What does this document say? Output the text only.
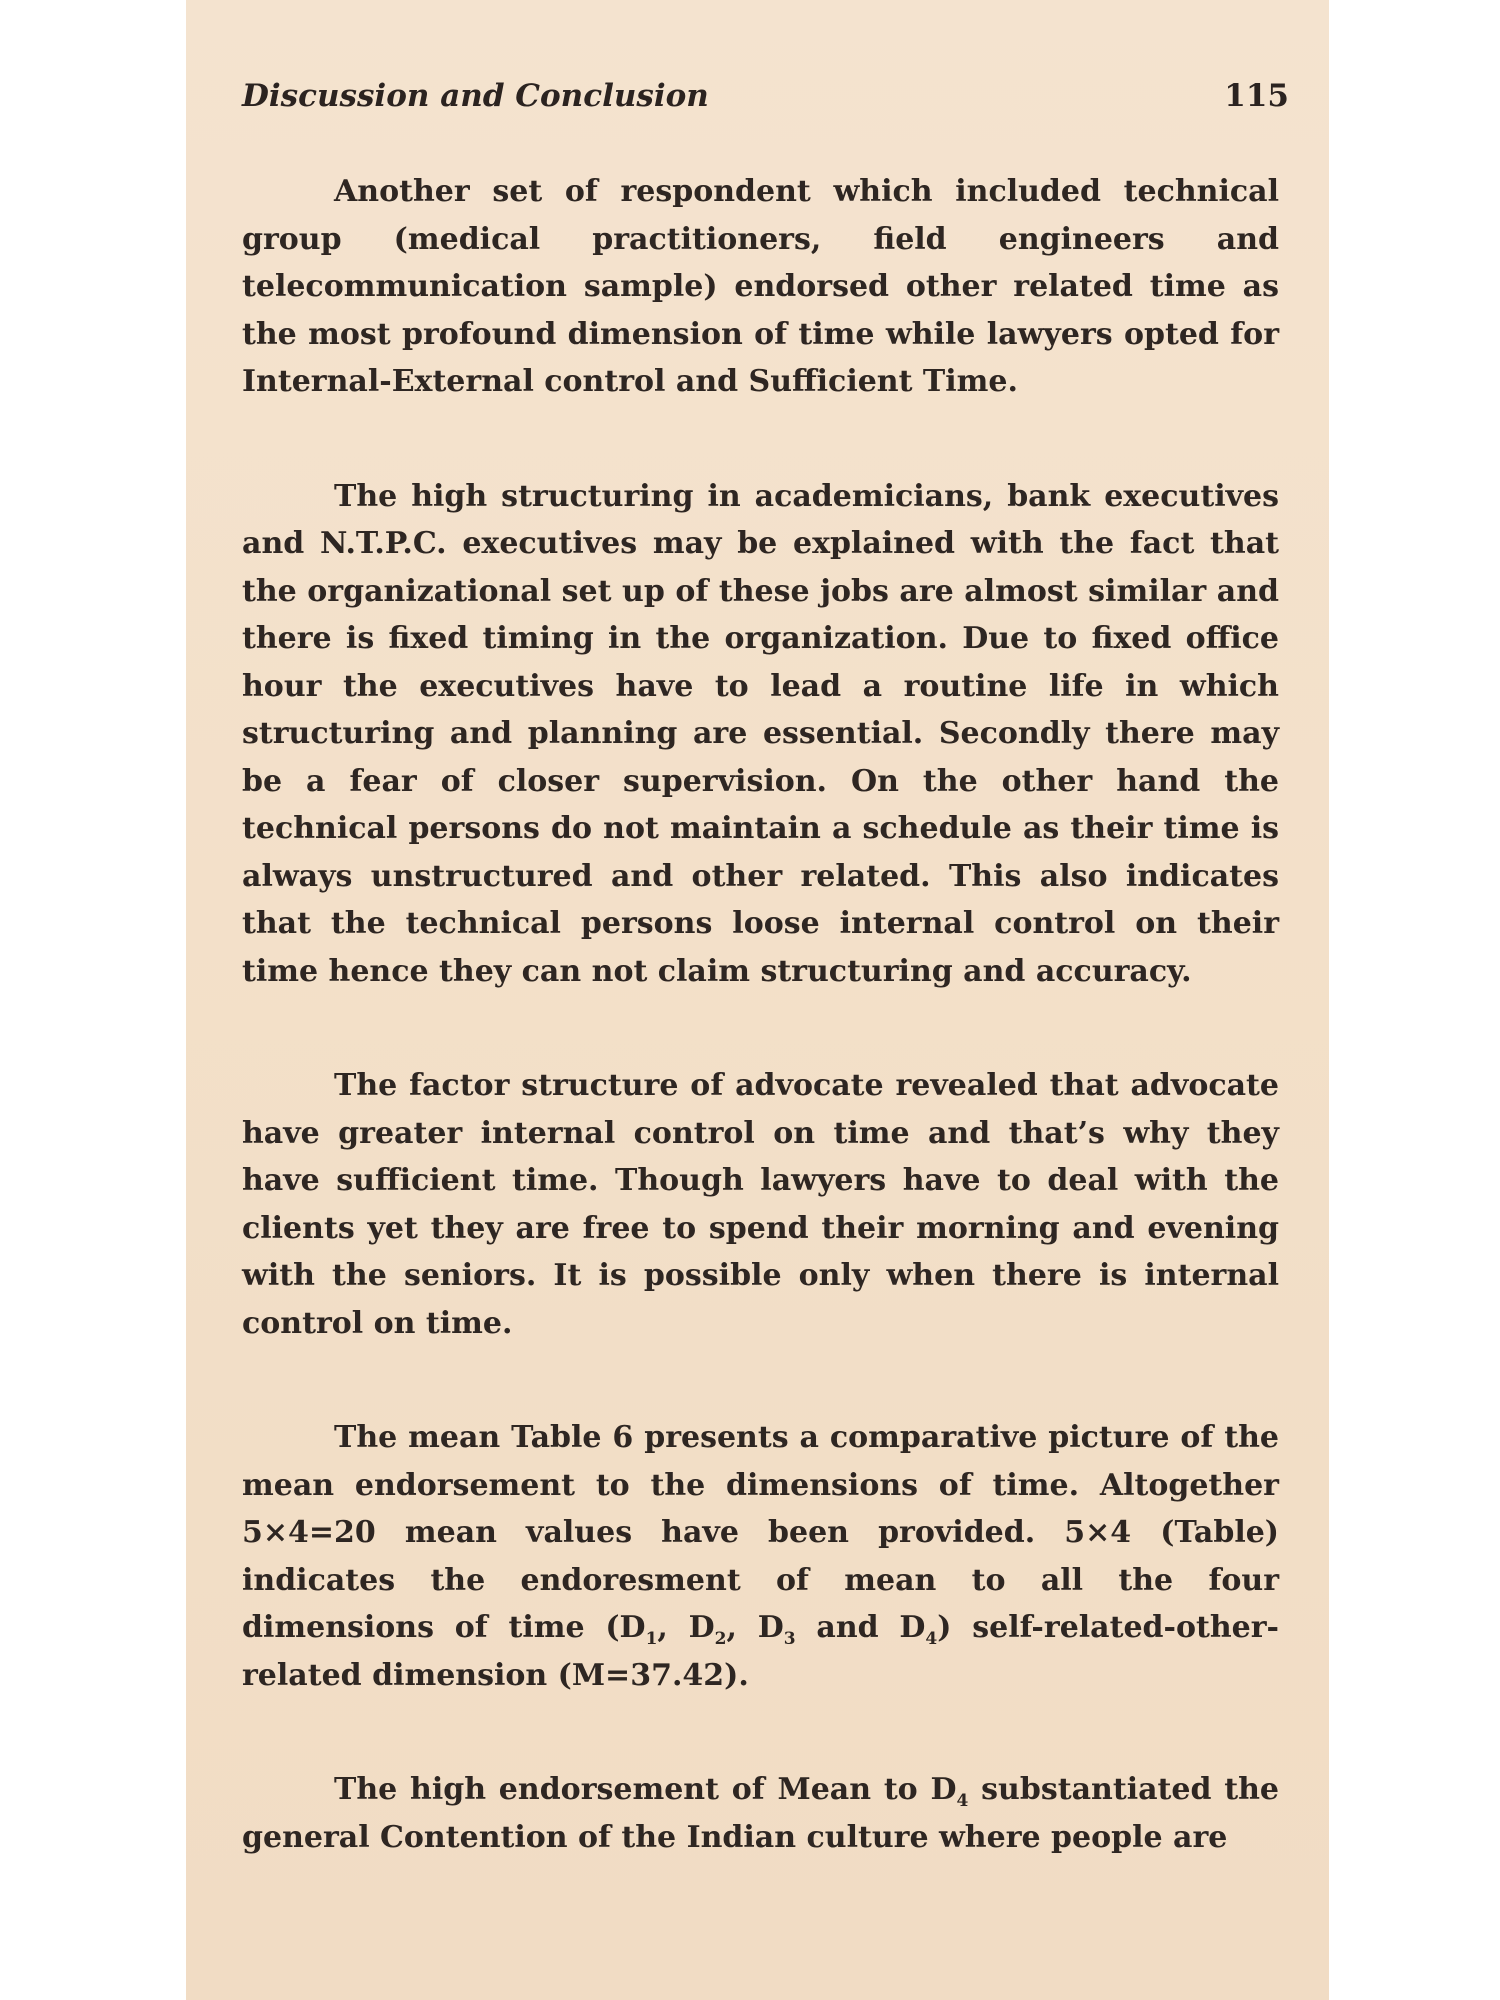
Discussion and Conclusion	115

Another set of respondent which included technical group (medical practitioners, field engineers and telecommunication sample) endorsed other related time as the most profound dimension of time while lawyers opted for Internal-External control and Sufficient Time.

The high structuring in academicians, bank executives and N.T.P.C. executives may be explained with the fact that the organizational set up of these jobs are almost similar and there is fixed timing in the organization. Due to fixed office hour the executives have to lead a routine life in which structuring and planning are essential. Secondly there may be a fear of closer supervision. On the other hand the technical persons do not maintain a schedule as their time is always unstructured and other related. This also indicates that the technical persons loose internal control on their time hence they can not claim structuring and accuracy.

The factor structure of advocate revealed that advocate have greater internal control on time and that’s why they have sufficient time. Though lawyers have to deal with the clients yet they are free to spend their morning and evening with the seniors. It is possible only when there is internal control on time.

The mean Table 6 presents a comparative picture of the mean endorsement to the dimensions of time. Altogether 5×4=20 mean values have been provided. 5×4 (Table) indicates the endoresment of mean to all the four dimensions of time ($D_1$, $D_2$, $D_3$ and $D_4$) self-related-other-related dimension (M=37.42).

The high endorsement of Mean to $D_4$ substantiated the general Contention of the Indian culture where people are
